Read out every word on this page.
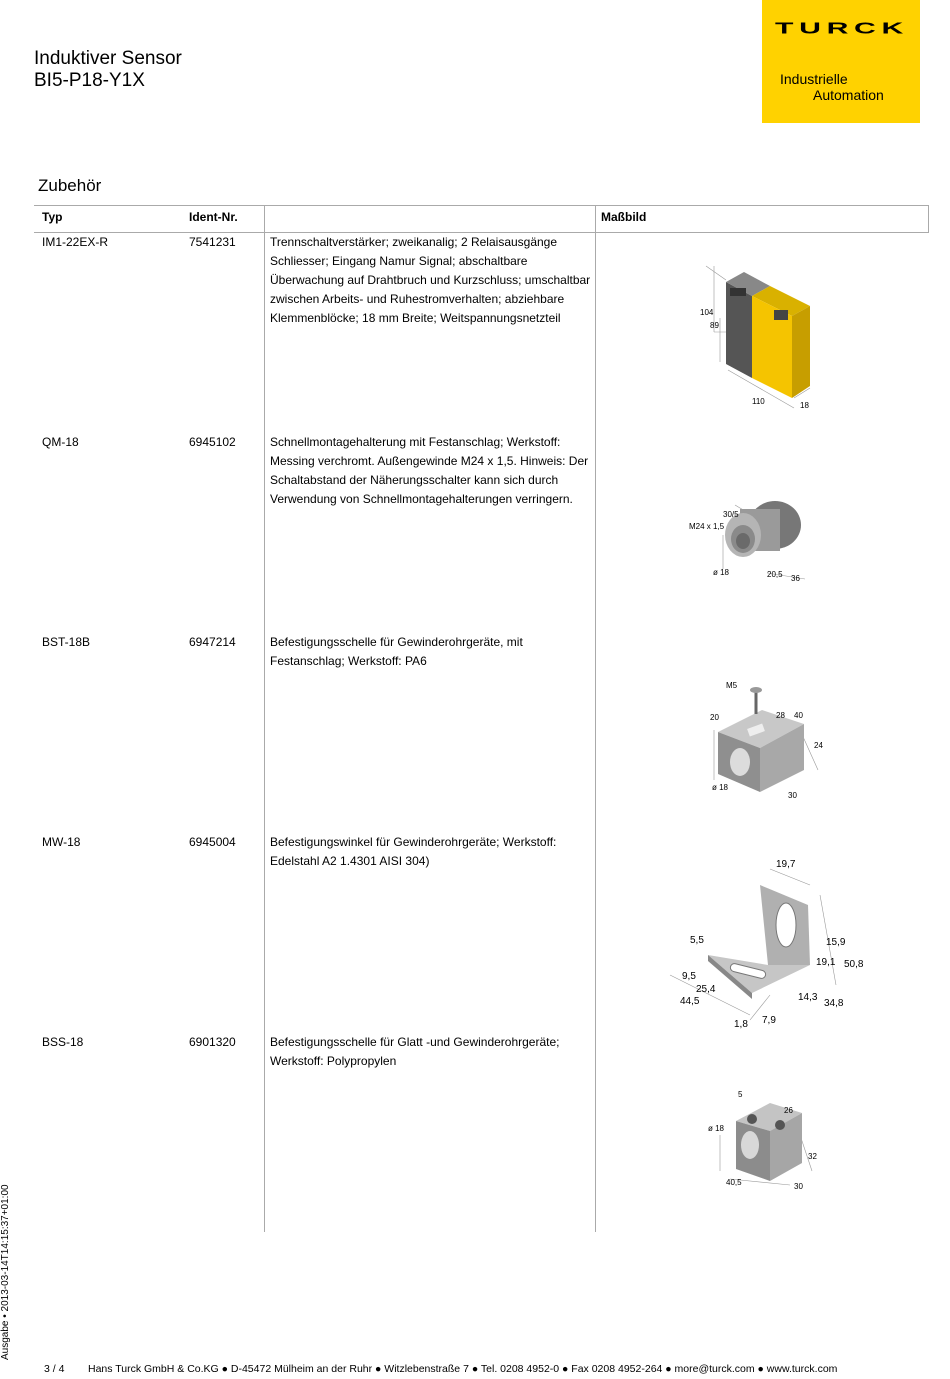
Induktiver Sensor
BI5-P18-Y1X
TURCK
Industrielle
Automation
Zubehör
Typ	Ident-Nr.	Maßbild
IM1-22EX-R	7541231	Trennschaltverstärker; zweikanalig; 2 Relaisausgänge Schliesser; Eingang Namur Signal; abschaltbare Überwachung auf Drahtbruch und Kurzschluss; umschaltbar zwischen Arbeits- und Ruhestromverhalten; abziehbare Klemmenblöcke; 18 mm Breite; Weitspannungsnetzteil	104
89
110	18
QM-18	6945102	Schnellmontagehalterung mit Festanschlag; Werkstoff: Messing verchromt. Außengewinde M24 x 1,5. Hinweis: Der Schaltabstand der Näherungsschalter kann sich durch Verwendung von Schnellmontagehalterungen verringern.
M24 x 1,5
30/5
ø 18	20,5 36
BST-18B	6947214	Befestigungsschelle für Gewinderohrgeräte, mit Festanschlag; Werkstoff: PA6
M5
20	28 40
24
ø 18
30
MW-18	6945004	Befestigungswinkel für Gewinderohrgeräte; Werkstoff: Edelstahl A2 1.4301 AISI 304)	19,7
5,5	15,9
19,1 50,8
9,5
25,4
44,5	14,3
34,8
1,8 7,9
BSS-18	6901320	Befestigungsschelle für Glatt -und Gewinderohrgeräte; Werkstoff: Polypropylen
5
26
ø 18
32
40,5	30
Ausgabe • 2013-03-14T14:15:37+01:00
3 / 4 Hans Turck GmbH & Co.KG ● D-45472 Mülheim an der Ruhr ● Witzlebenstraße 7 ● Tel. 0208 4952-0 ● Fax 0208 4952-264 ● more@turck.com ● www.turck.com
